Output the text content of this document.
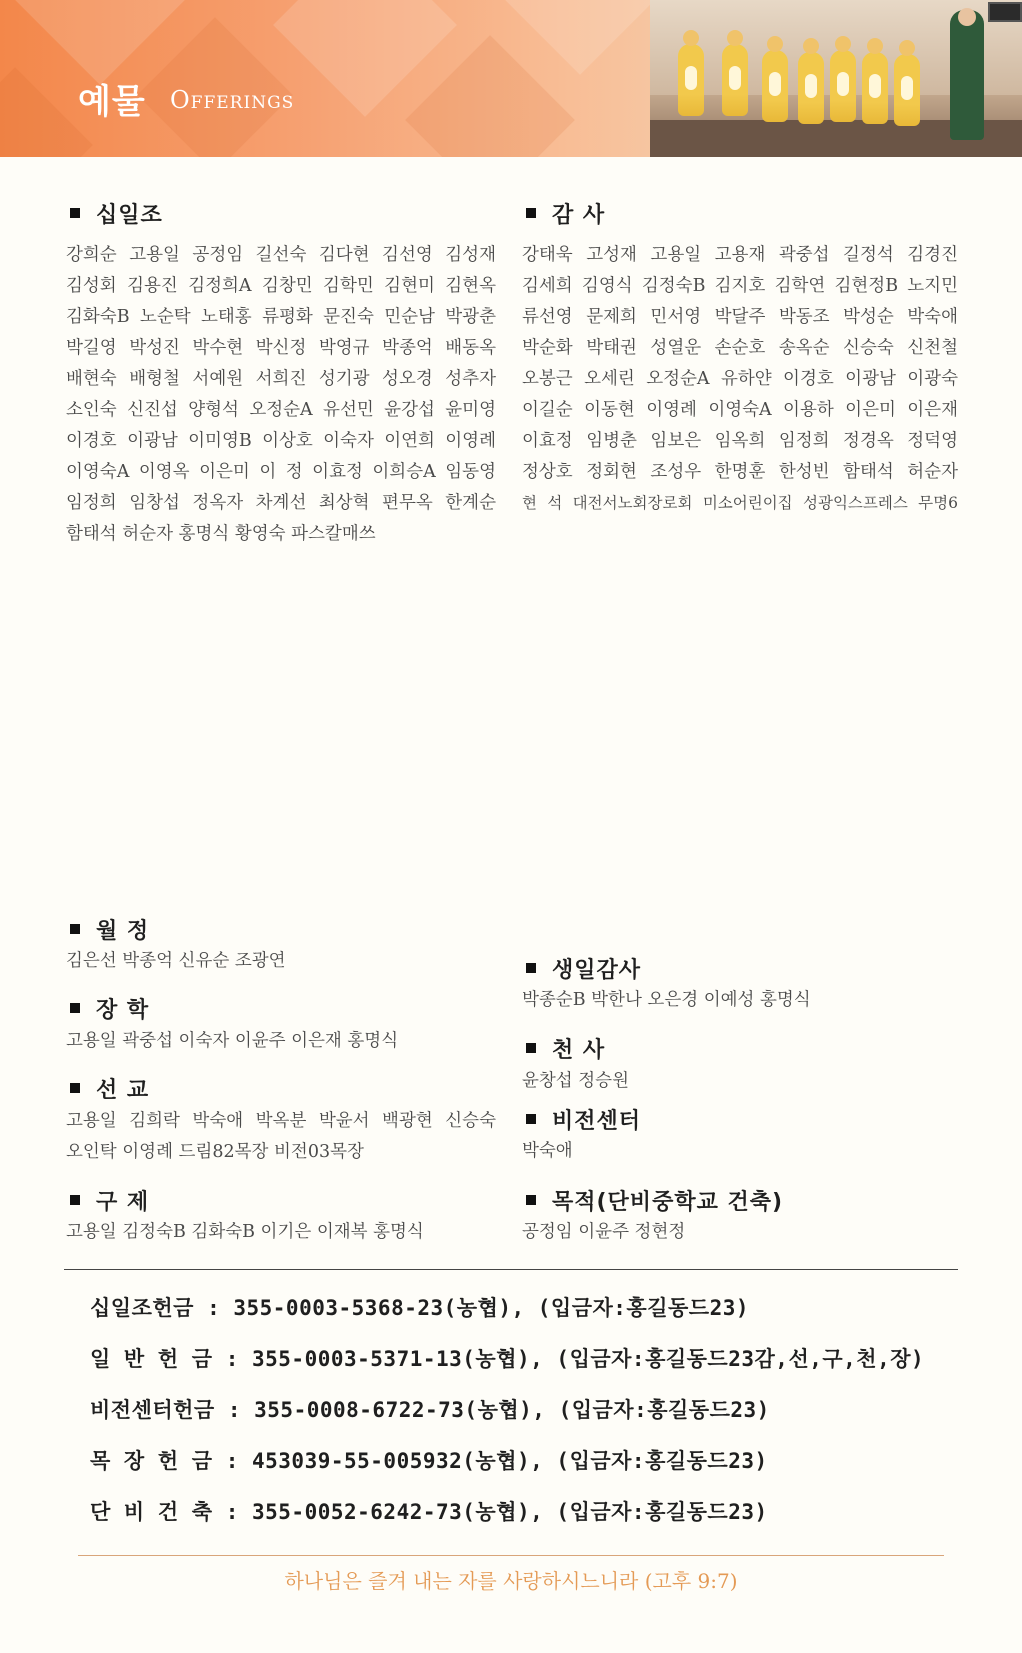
예물 Offerings
십일조
강희순 고용일 공정임 길선숙 김다현 김선영 김성재
김성회 김용진 김정희A 김창민 김학민 김현미 김현옥
김화숙B 노순탁 노태홍 류평화 문진숙 민순남 박광춘
박길영 박성진 박수현 박신정 박영규 박종억 배동옥
배현숙 배형철 서예원 서희진 성기광 성오경 성추자
소인숙 신진섭 양형석 오정순A 유선민 윤강섭 윤미영
이경호 이광남 이미영B 이상호 이숙자 이연희 이영례
이영숙A 이영옥 이은미 이 정 이효정 이희승A 임동영
임정희 임창섭 정옥자 차계선 최상혁 편무옥 한계순
함태석 허순자 홍명식 황영숙 파스칼매쓰
감 사
강태욱 고성재 고용일 고용재 곽중섭 길정석 김경진
김세희 김영식 김정숙B 김지호 김학연 김현정B 노지민
류선영 문제희 민서영 박달주 박동조 박성순 박숙애
박순화 박태권 성열운 손순호 송옥순 신승숙 신천철
오봉근 오세린 오정순A 유하얀 이경호 이광남 이광숙
이길순 이동현 이영례 이영숙A 이용하 이은미 이은재
이효정 임병춘 임보은 임옥희 임정희 정경옥 정덕영
정상호 정회현 조성우 한명훈 한성빈 함태석 허순자
현 석 대전서노회장로회 미소어린이집 성광익스프레스 무명6
월 정
김은선 박종억 신유순 조광연
장 학
고용일 곽중섭 이숙자 이윤주 이은재 홍명식
선 교
고용일 김희락 박숙애 박옥분 박윤서 백광현 신승숙
오인탁 이영례 드림82목장 비전03목장
구 제
고용일 김정숙B 김화숙B 이기은 이재복 홍명식
생일감사
박종순B 박한나 오은경 이예성 홍명식
천 사
윤창섭 정승원
비전센터
박숙애
목적(단비중학교 건축)
공정임 이윤주 정현정
십일조헌금 : 355-0003-5368-23(농협), (입금자:홍길동드23)
일 반 헌 금 : 355-0003-5371-13(농협), (입금자:홍길동드23감,선,구,천,장)
비전센터헌금 : 355-0008-6722-73(농협), (입금자:홍길동드23)
목 장 헌 금 : 453039-55-005932(농협), (입금자:홍길동드23)
단 비 건 축 : 355-0052-6242-73(농협), (입금자:홍길동드23)
하나님은 즐겨 내는 자를 사랑하시느니라 (고후 9:7)
